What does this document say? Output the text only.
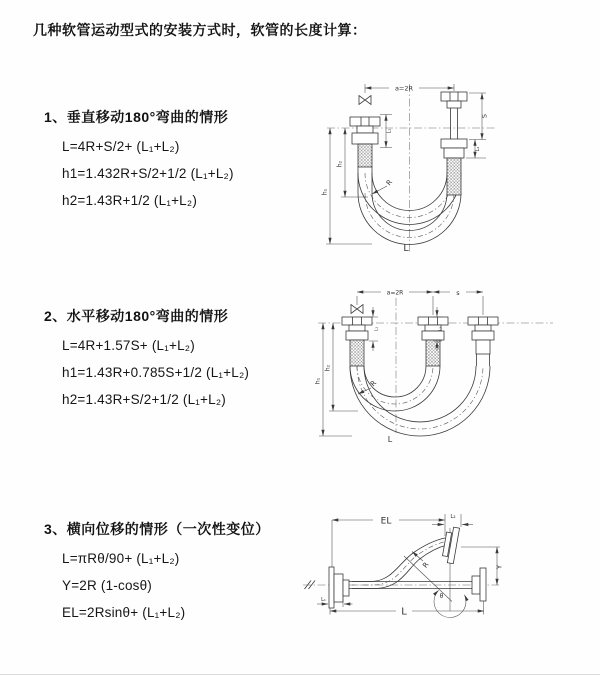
几种软管运动型式的安装方式时，软管的长度计算：
1、垂直移动180°弯曲的情形
L=4R+S/2+ (L₁+L₂)
h1=1.432R+S/2+1/2 (L₁+L₂)
h2=1.43R+1/2 (L₁+L₂)
a=2R
h₁
h₂
L₁
S
L₂
R
L
2、水平移动180°弯曲的情形
L=4R+1.57S+ (L₁+L₂)
h1=1.43R+0.785S+1/2 (L₁+L₂)
h2=1.43R+S/2+1/2 (L₁+L₂)
a=2R	s
h₁
h₂
L₁	L₂
R
L
3、横向位移的情形（一次性变位）
L=πRθ/90+ (L₁+L₂)
Y=2R (1-cosθ)
EL=2Rsinθ+ (L₁+L₂)
θ
EL	L₂
Y
L
L₁
R
